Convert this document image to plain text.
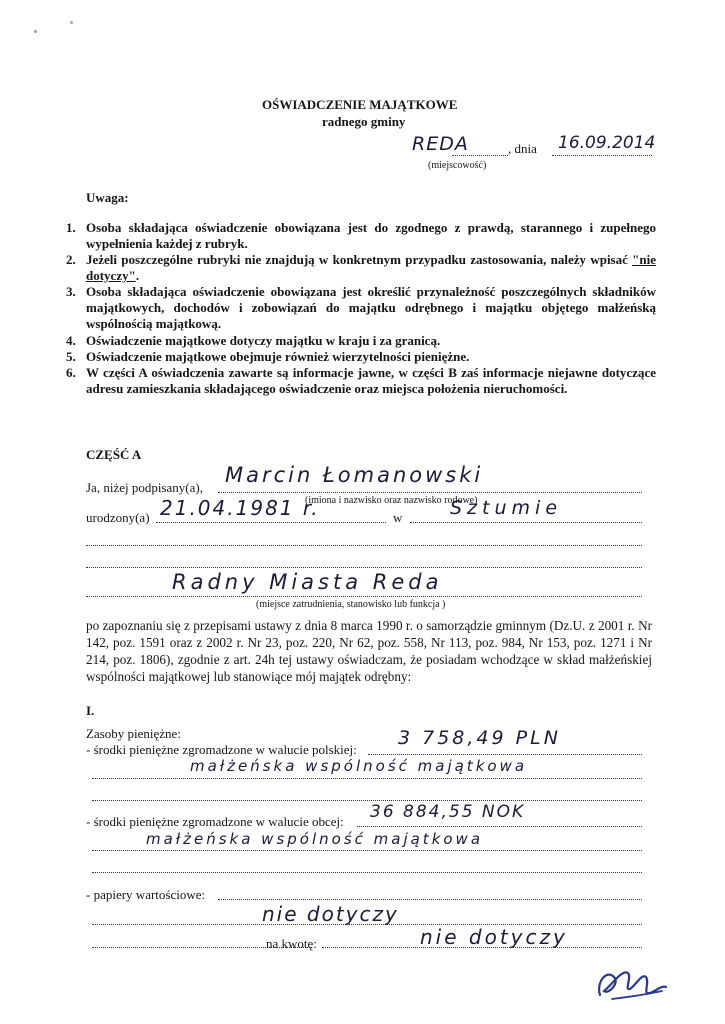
OŚWIADCZENIE MAJĄTKOWE
radnego gminy
REDA	, dnia 16.09.2014
(miejscowość)
Uwaga:
1. Osoba składająca oświadczenie obowiązana jest do zgodnego z prawdą, starannego i zupełnego wypełnienia każdej z rubryk.
2. Jeżeli poszczególne rubryki nie znajdują w konkretnym przypadku zastosowania, należy wpisać "nie dotyczy".
3. Osoba składająca oświadczenie obowiązana jest określić przynależność poszczególnych składników majątkowych, dochodów i zobowiązań do majątku odrębnego i majątku objętego małżeńską wspólnością majątkową.
4. Oświadczenie majątkowe dotyczy majątku w kraju i za granicą.
5. Oświadczenie majątkowe obejmuje również wierzytelności pieniężne.
6. W części A oświadczenia zawarte są informacje jawne, w części B zaś informacje niejawne dotyczące adresu zamieszkania składającego oświadczenie oraz miejsca położenia nieruchomości.
CZĘŚĆ A
Ja, niżej podpisany(a),
Marcin Łomanowski
(imiona i nazwisko oraz nazwisko rodowe)
urodzony(a) 21.04.1981 r.	w	Sztumie
Radny Miasta Reda
(miejsce zatrudnienia, stanowisko lub funkcja )
po zapoznaniu się z przepisami ustawy z dnia 8 marca 1990 r. o samorządzie gminnym (Dz.U. z 2001 r. Nr 142, poz. 1591 oraz z 2002 r. Nr 23, poz. 220, Nr 62, poz. 558, Nr 113, poz. 984, Nr 153, poz. 1271 i Nr 214, poz. 1806), zgodnie z art. 24h tej ustawy oświadczam, że posiadam wchodzące w skład małżeńskiej wspólności majątkowej lub stanowiące mój majątek odrębny:
I.
Zasoby pieniężne:
- środki pieniężne zgromadzone w walucie polskiej:
3 758,49 PLN
małżeńska wspólność majątkowa
- środki pieniężne zgromadzone w walucie obcej: 36 884,55 NOK
małżeńska wspólność majątkowa
- papiery wartościowe:
nie dotyczy
na kwotę:	nie dotyczy
